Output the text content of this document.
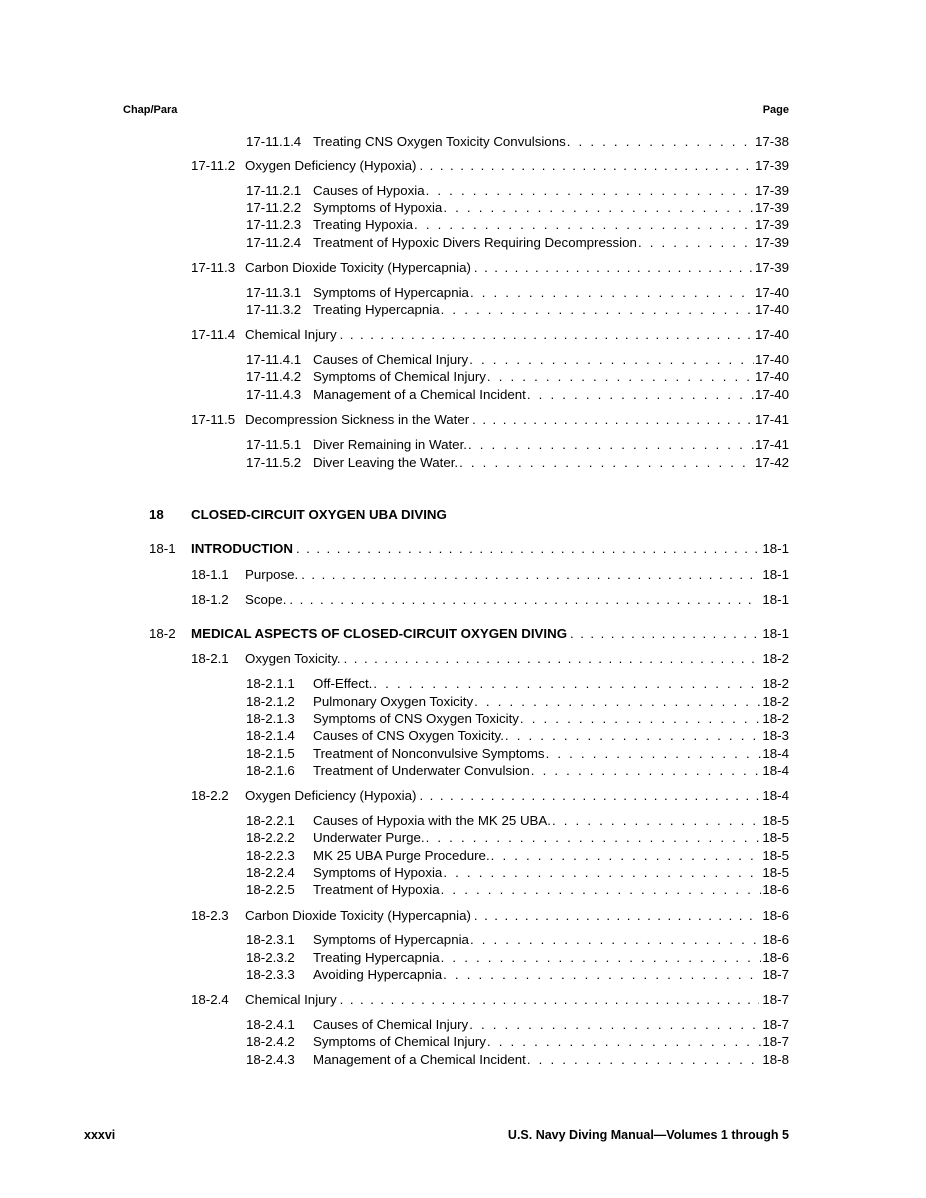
Chap/Para	Page
17-11.1.4 Treating CNS Oxygen Toxicity Convulsions . . .	17-38
17-11.2 Oxygen Deficiency (Hypoxia) . . .	17-39
17-11.2.1 Causes of Hypoxia . . .	17-39
17-11.2.2 Symptoms of Hypoxia . . .	17-39
17-11.2.3 Treating Hypoxia . . .	17-39
17-11.2.4 Treatment of Hypoxic Divers Requiring Decompression . . .	17-39
17-11.3 Carbon Dioxide Toxicity (Hypercapnia) . . .	17-39
17-11.3.1 Symptoms of Hypercapnia . . .	17-40
17-11.3.2 Treating Hypercapnia . . .	17-40
17-11.4 Chemical Injury . . .	17-40
17-11.4.1 Causes of Chemical Injury . . .	17-40
17-11.4.2 Symptoms of Chemical Injury . . .	17-40
17-11.4.3 Management of a Chemical Incident . . .	17-40
17-11.5 Decompression Sickness in the Water . . .	17-41
17-11.5.1 Diver Remaining in Water. . . .	17-41
17-11.5.2 Diver Leaving the Water. . . .	17-42
18	CLOSED-CIRCUIT OXYGEN UBA DIVING
18-1	INTRODUCTION . . .	18-1
18-1.1	Purpose. . . .	18-1
18-1.2	Scope. . . .	18-1
18-2	MEDICAL ASPECTS OF CLOSED-CIRCUIT OXYGEN DIVING . . .	18-1
18-2.1	Oxygen Toxicity. . . .	18-2
18-2.1.1	Off-Effect. . . .	18-2
18-2.1.2	Pulmonary Oxygen Toxicity . . .	18-2
18-2.1.3	Symptoms of CNS Oxygen Toxicity . . .	18-2
18-2.1.4	Causes of CNS Oxygen Toxicity. . . .	18-3
18-2.1.5	Treatment of Nonconvulsive Symptoms . . .	18-4
18-2.1.6	Treatment of Underwater Convulsion . . .	18-4
18-2.2	Oxygen Deficiency (Hypoxia) . . .	18-4
18-2.2.1	Causes of Hypoxia with the MK 25 UBA. . . .	18-5
18-2.2.2	Underwater Purge. . . .	18-5
18-2.2.3	MK 25 UBA Purge Procedure. . . .	18-5
18-2.2.4	Symptoms of Hypoxia . . .	18-5
18-2.2.5	Treatment of Hypoxia . . .	18-6
18-2.3	Carbon Dioxide Toxicity (Hypercapnia) . . .	18-6
18-2.3.1	Symptoms of Hypercapnia . . .	18-6
18-2.3.2	Treating Hypercapnia . . .	18-6
18-2.3.3	Avoiding Hypercapnia . . .	18-7
18-2.4	Chemical Injury . . .	18-7
18-2.4.1	Causes of Chemical Injury . . .	18-7
18-2.4.2	Symptoms of Chemical Injury . . .	18-7
18-2.4.3	Management of a Chemical Incident . . .	18-8
xxxvi	U.S. Navy Diving Manual—Volumes 1 through 5
